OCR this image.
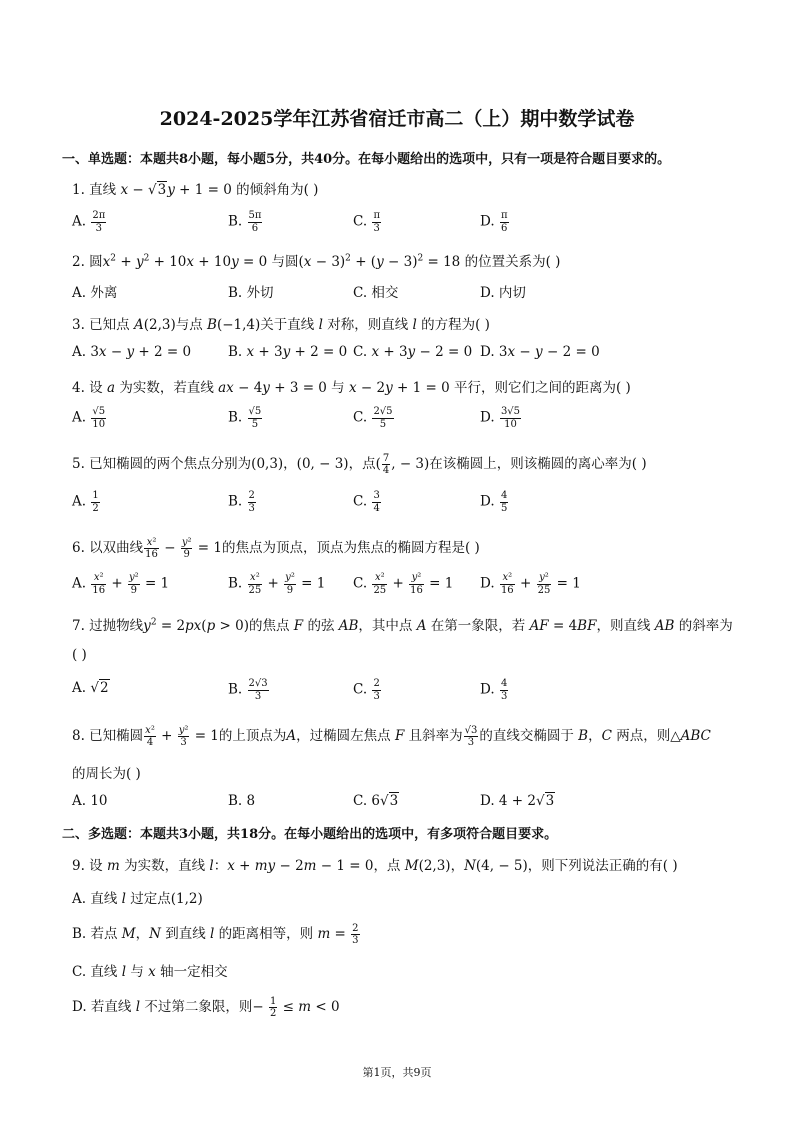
2024-2025学年江苏省宿迁市高二（上）期中数学试卷
一、单选题：本题共8小题，每小题5分，共40分。在每小题给出的选项中，只有一项是符合题目要求的。
1. 直线 x − √3y + 1 = 0 的倾斜角为( )
A. $\frac{2\pi}{3}$	B. $\frac{5\pi}{6}$	C. $\frac{\pi}{3}$	D. $\frac{\pi}{6}$
2. 圆$x^2 + y^2 + 10x + 10y = 0$ 与圆$(x - 3)^2 + (y - 3)^2 = 18$ 的位置关系为( )
A. 外离	B. 外切	C. 相交	D. 内切
3. 已知点 A(2,3)与点 B(−1,4)关于直线 l 对称，则直线 l 的方程为( )
A. 3x − y + 2 = 0	B. x + 3y + 2 = 0 C. x + 3y − 2 = 0 D. 3x − y − 2 = 0
4. 设 a 为实数，若直线 ax − 4y + 3 = 0 与 x − 2y + 1 = 0 平行，则它们之间的距离为( )
A. $\frac{√5}{10}$	B. $\frac{√5}{5}$	C. $\frac{2√5}{5}$	D. $\frac{3√5}{10}$
5. 已知椭圆的两个焦点分别为(0,3)，(0, − 3)，点( $\frac{7}{4}$ , − 3)在该椭圆上，则该椭圆的离心率为( )
A. $\frac{1}{2}$	B. $\frac{2}{3}$	C. $\frac{3}{4}$	D. $\frac{4}{5}$
6. 以双曲线 $\frac{\text{x²}}{16} - \frac{\text{y²}}{9} = 1$的焦点为顶点，顶点为焦点的椭圆方程是( )
A. $\frac{\text{x²}}{16} + \frac{\text{y²}}{9} = 1$	B. $\frac{\text{x²}}{25} + \frac{\text{y²}}{9} = 1$ C. $\frac{\text{x²}}{25} + \frac{\text{y²}}{16} = 1$ D. $\frac{\text{x²}}{16} + \frac{\text{y²}}{25} = 1$
7. 过抛物线$y^2 = 2px(p > 0)$的焦点 F 的弦 AB，其中点 A 在第一象限，若 AF = 4BF，则直线 AB 的斜率为
( )
A. √2	B. $\frac{2√3}{3}$	C. $\frac{2}{3}$	D. $\frac{4}{3}$
8. 已知椭圆 $\frac{\text{x²}}{4} + \frac{\text{y²}}{3} = 1$的上顶点为A，过椭圆左焦点 F 且斜率为 $\frac{√3}{3}$ 的直线交椭圆于 B，C 两点，则△ABC
的周长为( )
A. 10	B. 8	C. 6√3	D. 4 + 2√3
二、多选题：本题共3小题，共18分。在每小题给出的选项中，有多项符合题目要求。
9. 设 m 为实数，直线 l：x + my − 2m − 1 = 0，点 M(2,3)，N(4, − 5)，则下列说法正确的有( )
A. 直线 l 过定点(1,2)
B. 若点 M，N 到直线 l 的距离相等，则 $m = \frac{2}{3}$
C. 直线 l 与 x 轴一定相交
D. 若直线 l 不过第二象限，则− $\frac{1}{2} \le m < 0$
第1页，共9页
